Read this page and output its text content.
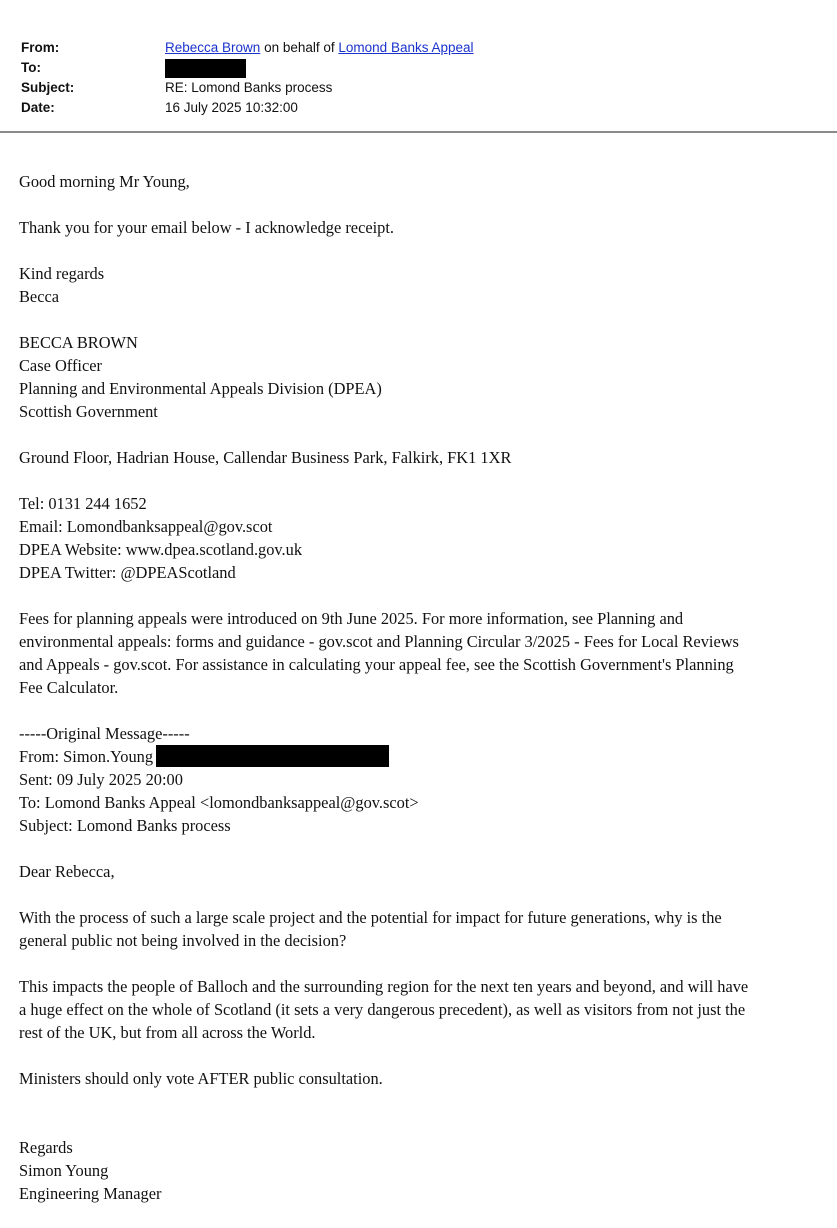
From:	Rebecca Brown on behalf of Lomond Banks Appeal
To:
Subject:	RE: Lomond Banks process
Date:	16 July 2025 10:32:00

Good morning Mr Young,

Thank you for your email below - I acknowledge receipt.

Kind regards
Becca

BECCA BROWN
Case Officer
Planning and Environmental Appeals Division (DPEA)
Scottish Government

Ground Floor, Hadrian House, Callendar Business Park, Falkirk, FK1 1XR

Tel: 0131 244 1652
Email: Lomondbanksappeal@gov.scot
DPEA Website: www.dpea.scotland.gov.uk
DPEA Twitter: @DPEAScotland

Fees for planning appeals were introduced on 9th June 2025. For more information, see Planning and
environmental appeals: forms and guidance - gov.scot and Planning Circular 3/2025 - Fees for Local Reviews
and Appeals - gov.scot. For assistance in calculating your appeal fee, see the Scottish Government's Planning
Fee Calculator.

-----Original Message-----
From: Simon.Young
Sent: 09 July 2025 20:00
To: Lomond Banks Appeal <lomondbanksappeal@gov.scot>
Subject: Lomond Banks process

Dear Rebecca,

With the process of such a large scale project and the potential for impact for future generations, why is the
general public not being involved in the decision?

This impacts the people of Balloch and the surrounding region for the next ten years and beyond, and will have
a huge effect on the whole of Scotland (it sets a very dangerous precedent), as well as visitors from not just the
rest of the UK, but from all across the World.

Ministers should only vote AFTER public consultation.

Regards
Simon Young
Engineering Manager
